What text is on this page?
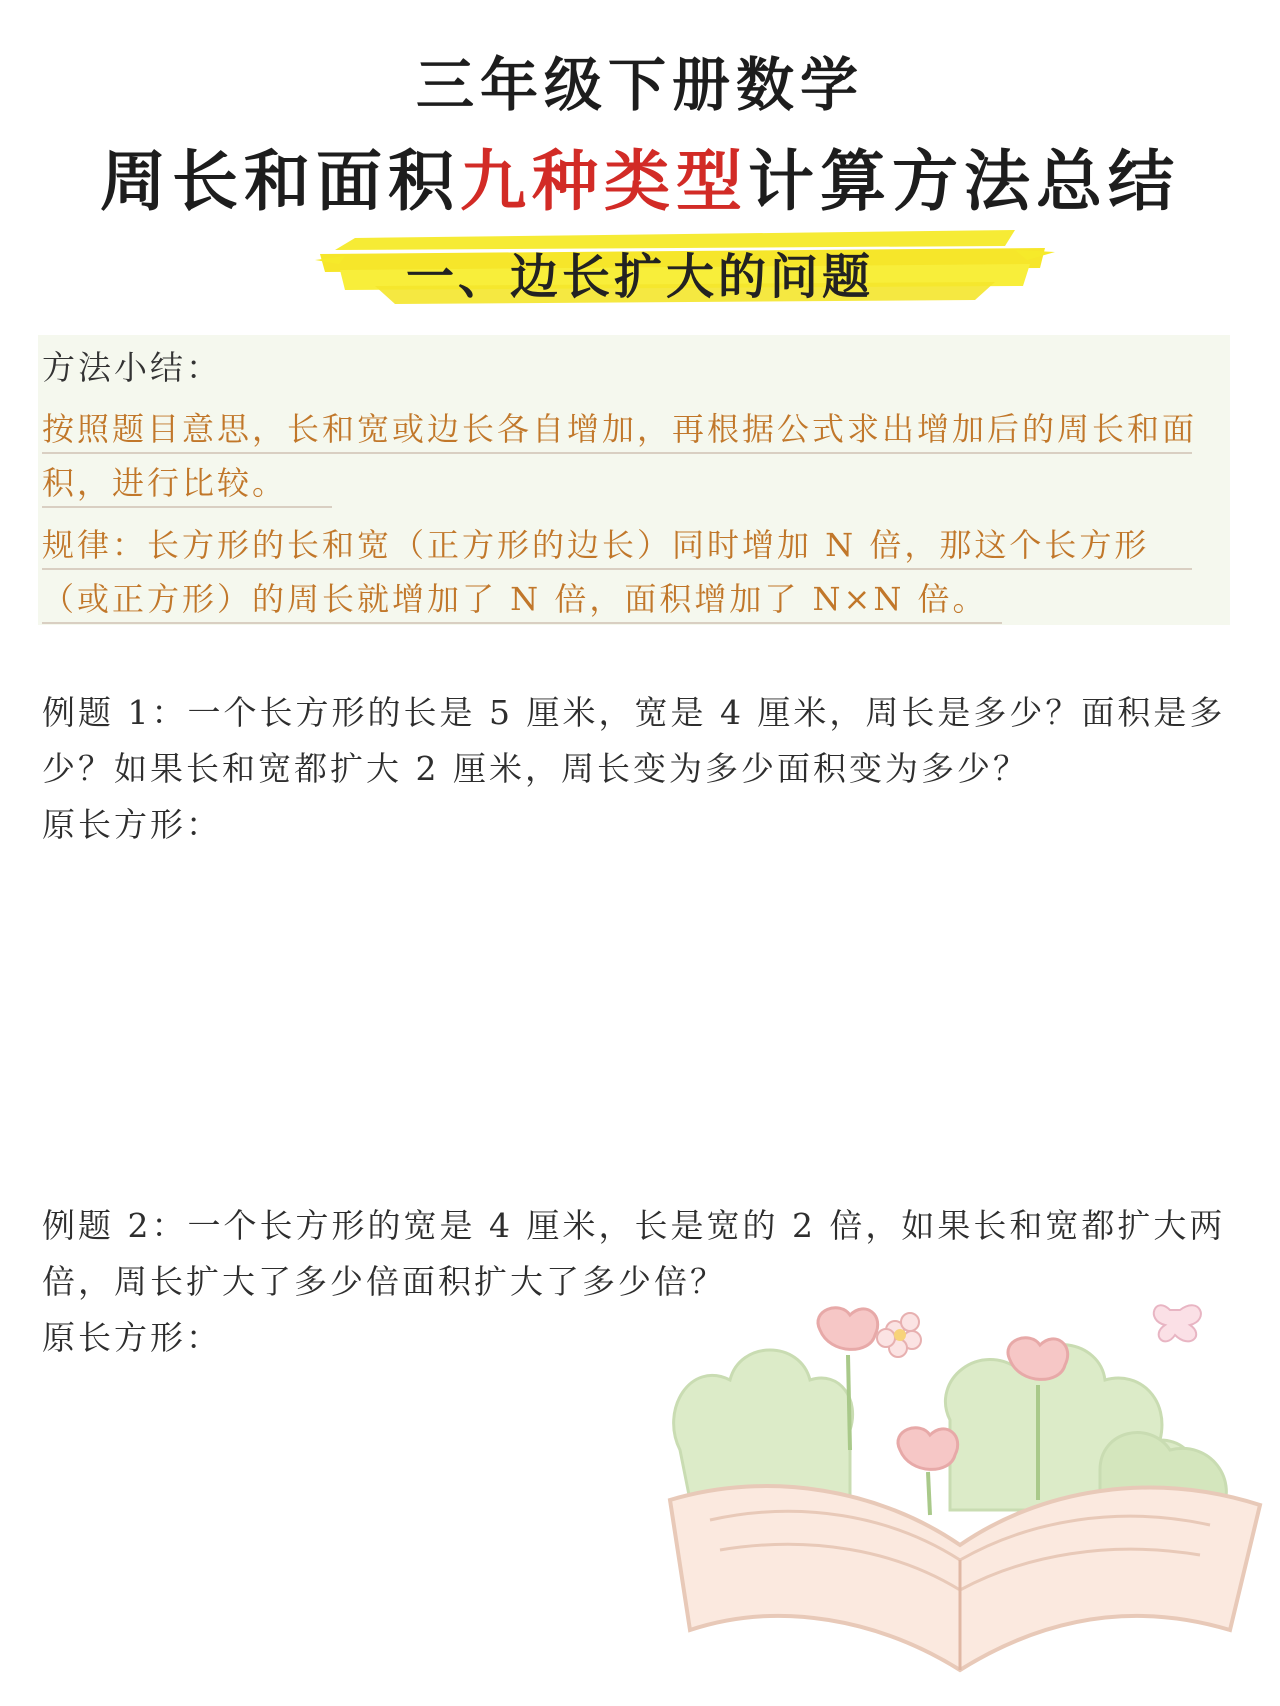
三年级下册数学
周长和面积九种类型计算方法总结
一、边长扩大的问题
方法小结：
按照题目意思，长和宽或边长各自增加，再根据公式求出增加后的周长和面积，进行比较。
规律：长方形的长和宽（正方形的边长）同时增加 N 倍，那这个长方形（或正方形）的周长就增加了 N 倍，面积增加了 N×N 倍。
例题 1：一个长方形的长是 5 厘米，宽是 4 厘米，周长是多少？面积是多少？如果长和宽都扩大 2 厘米，周长变为多少面积变为多少？
原长方形：
例题 2：一个长方形的宽是 4 厘米，长是宽的 2 倍，如果长和宽都扩大两倍，周长扩大了多少倍面积扩大了多少倍？
原长方形：
